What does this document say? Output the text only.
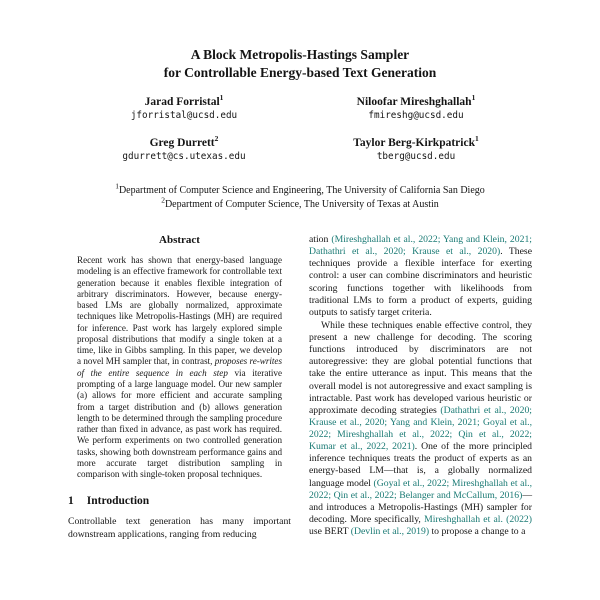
A Block Metropolis-Hastings Sampler
for Controllable Energy-based Text Generation
Jarad Forristal$^1$
jforristal@ucsd.edu
Niloofar Mireshghallah$^1$
fmireshg@ucsd.edu
Greg Durrett$^2$
gdurrett@cs.utexas.edu
Taylor Berg-Kirkpatrick$^1$
tberg@ucsd.edu
$^1$Department of Computer Science and Engineering, The University of California San Diego
$^2$Department of Computer Science, The University of Texas at Austin
Abstract

Recent work has shown that energy-based language modeling is an effective framework for controllable text generation because it enables flexible integration of arbitrary discriminators. However, because energy-based LMs are globally normalized, approximate techniques like Metropolis-Hastings (MH) are required for inference. Past work has largely explored simple proposal distributions that modify a single token at a time, like in Gibbs sampling. In this paper, we develop a novel MH sampler that, in contrast, proposes re-writes of the entire sequence in each step via iterative prompting of a large language model. Our new sampler (a) allows for more efficient and accurate sampling from a target distribution and (b) allows generation length to be determined through the sampling procedure rather than fixed in advance, as past work has required. We perform experiments on two controlled generation tasks, showing both downstream performance gains and more accurate target distribution sampling in comparison with single-token proposal techniques.

1 Introduction

Controllable text generation has many important downstream applications, ranging from reducing

ation (Mireshghallah et al., 2022; Yang and Klein, 2021; Dathathri et al., 2020; Krause et al., 2020). These techniques provide a flexible interface for exerting control: a user can combine discriminators and heuristic scoring functions together with likelihoods from traditional LMs to form a product of experts, guiding outputs to satisfy target criteria.

While these techniques enable effective control, they present a new challenge for decoding. The scoring functions introduced by discriminators are not autoregressive: they are global potential functions that take the entire utterance as input. This means that the overall model is not autoregressive and exact sampling is intractable. Past work has developed various heuristic or approximate decoding strategies (Dathathri et al., 2020; Krause et al., 2020; Yang and Klein, 2021; Goyal et al., 2022; Mireshghallah et al., 2022; Qin et al., 2022; Kumar et al., 2022, 2021). One of the more principled inference techniques treats the product of experts as an energy-based LM—that is, a globally normalized language model (Goyal et al., 2022; Mireshghallah et al., 2022; Qin et al., 2022; Belanger and McCallum, 2016)—and introduces a Metropolis-Hastings (MH) sampler for decoding. More specifically, Mireshghallah et al. (2022) use BERT (Devlin et al., 2019) to propose a change to a
